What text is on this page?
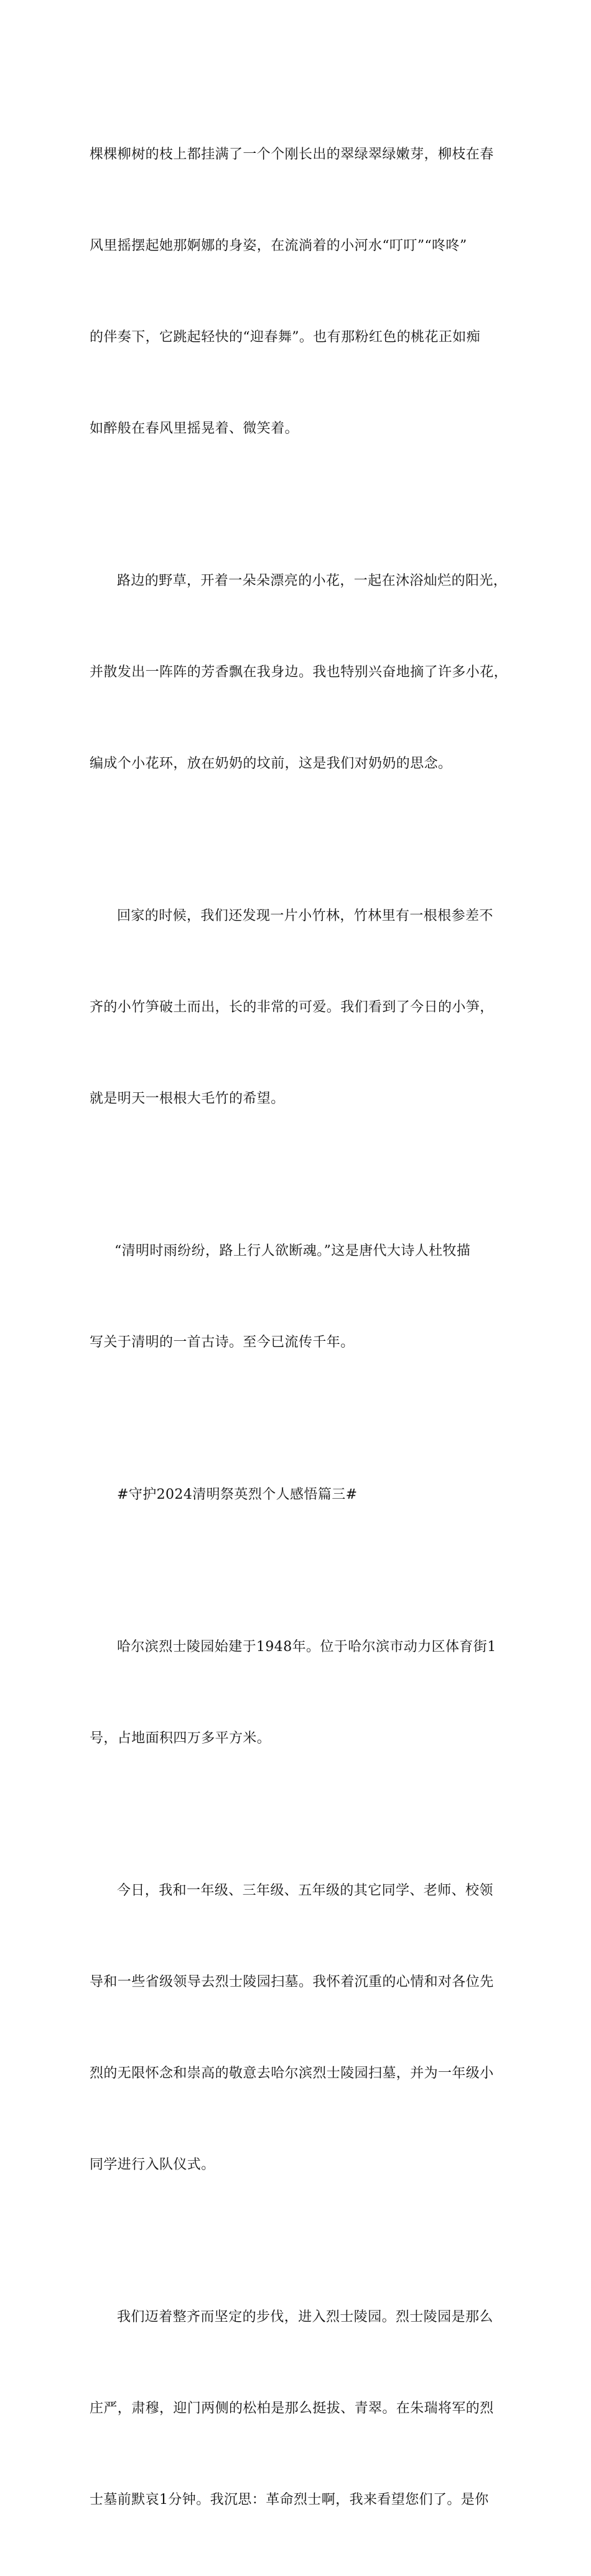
棵棵柳树的枝上都挂满了一个个刚长出的翠绿翠绿嫩芽，柳枝在春

风里摇摆起她那婀娜的身姿，在流淌着的小河水“叮叮”“咚咚”

的伴奏下，它跳起轻快的“迎春舞”。也有那粉红色的桃花正如痴

如醉般在春风里摇晃着、微笑着。

路边的野草，开着一朵朵漂亮的小花，一起在沐浴灿烂的阳光，

并散发出一阵阵的芳香飘在我身边。我也特别兴奋地摘了许多小花，

编成个小花环，放在奶奶的坟前，这是我们对奶奶的思念。

回家的时候，我们还发现一片小竹林，竹林里有一根根参差不

齐的小竹笋破土而出，长的非常的可爱。我们看到了今日的小笋，

就是明天一根根大毛竹的希望。

“清明时雨纷纷，路上行人欲断魂。”这是唐代大诗人杜牧描

写关于清明的一首古诗。至今已流传千年。

#守护2024清明祭英烈个人感悟篇三#

哈尔滨烈士陵园始建于1948年。位于哈尔滨市动力区体育街1

号，占地面积四万多平方米。

今日，我和一年级、三年级、五年级的其它同学、老师、校领

导和一些省级领导去烈士陵园扫墓。我怀着沉重的心情和对各位先

烈的无限怀念和崇高的敬意去哈尔滨烈士陵园扫墓，并为一年级小

同学进行入队仪式。

我们迈着整齐而坚定的步伐，进入烈士陵园。烈士陵园是那么

庄严，肃穆，迎门两侧的松柏是那么挺拔、青翠。在朱瑞将军的烈

士墓前默哀1分钟。我沉思：革命烈士啊，我来看望您们了。是你
